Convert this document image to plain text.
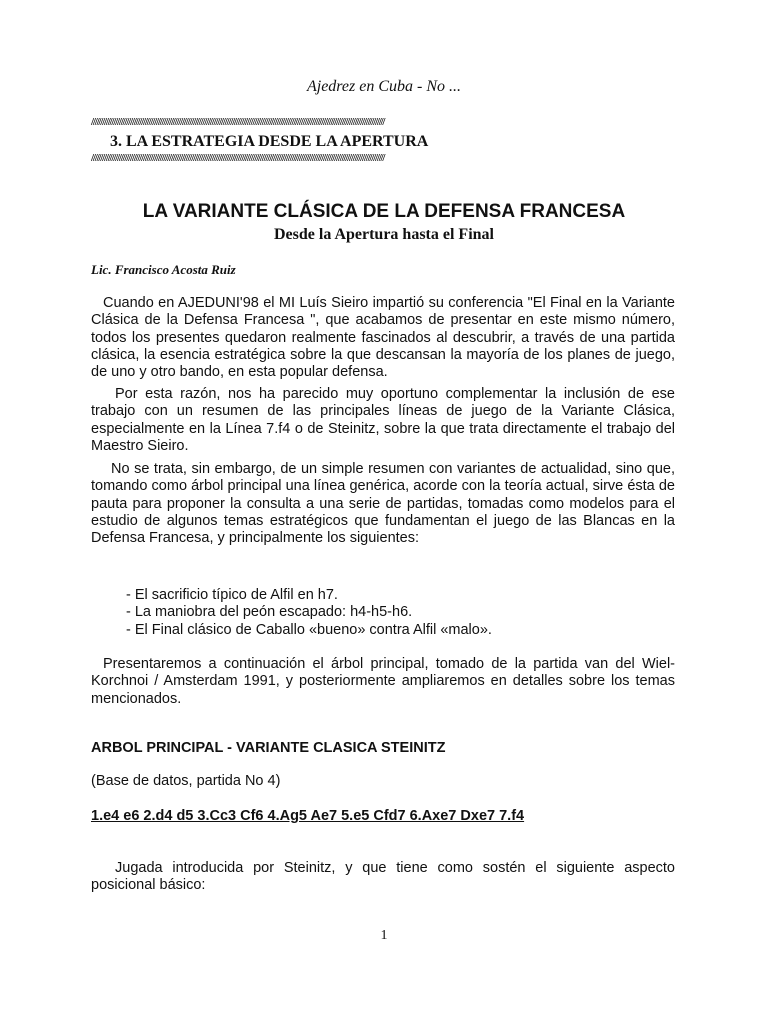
Ajedrez en Cuba - No ...
//////////////////////////////////////////////////////////////////////////////////////////////////////////////////////////////////////////////////////////////
3. LA ESTRATEGIA DESDE LA APERTURA
//////////////////////////////////////////////////////////////////////////////////////////////////////////////////////////////////////////////////////////////
LA VARIANTE CLÁSICA DE LA DEFENSA FRANCESA
Desde la Apertura hasta el Final
Lic. Francisco Acosta Ruiz

Cuando en AJEDUNI'98 el MI Luís Sieiro impartió su conferencia "El Final en la Variante Clásica de la Defensa Francesa ", que acabamos de presentar en este mismo número, todos los presentes quedaron realmente fascinados al descubrir, a través de una partida clásica, la esencia estratégica sobre la que descansan la mayoría de los planes de juego, de uno y otro bando, en esta popular defensa.

Por esta razón, nos ha parecido muy oportuno complementar la inclusión de ese trabajo con un resumen de las principales líneas de juego de la Variante Clásica, especialmente en la Línea 7.f4 o de Steinitz, sobre la que trata directamente el trabajo del Maestro Sieiro.

No se trata, sin embargo, de un simple resumen con variantes de actualidad, sino que, tomando como árbol principal una línea genérica, acorde con la teoría actual, sirve ésta de pauta para proponer la consulta a una serie de partidas, tomadas como modelos para el estudio de algunos temas estratégicos que fundamentan el juego de las Blancas en la Defensa Francesa, y principalmente los siguientes:

- El sacrificio típico de Alfil en h7.
- La maniobra del peón escapado: h4-h5-h6.
- El Final clásico de Caballo «bueno» contra Alfil «malo».

Presentaremos a continuación el árbol principal, tomado de la partida van del Wiel-Korchnoi / Amsterdam 1991, y posteriormente ampliaremos en detalles sobre los temas mencionados.

ARBOL PRINCIPAL - VARIANTE CLASICA STEINITZ
(Base de datos, partida No 4)
1.e4 e6 2.d4 d5 3.Cc3 Cf6 4.Ag5 Ae7 5.e5 Cfd7 6.Axe7 Dxe7 7.f4

Jugada introducida por Steinitz, y que tiene como sostén el siguiente aspecto posicional básico:

1
